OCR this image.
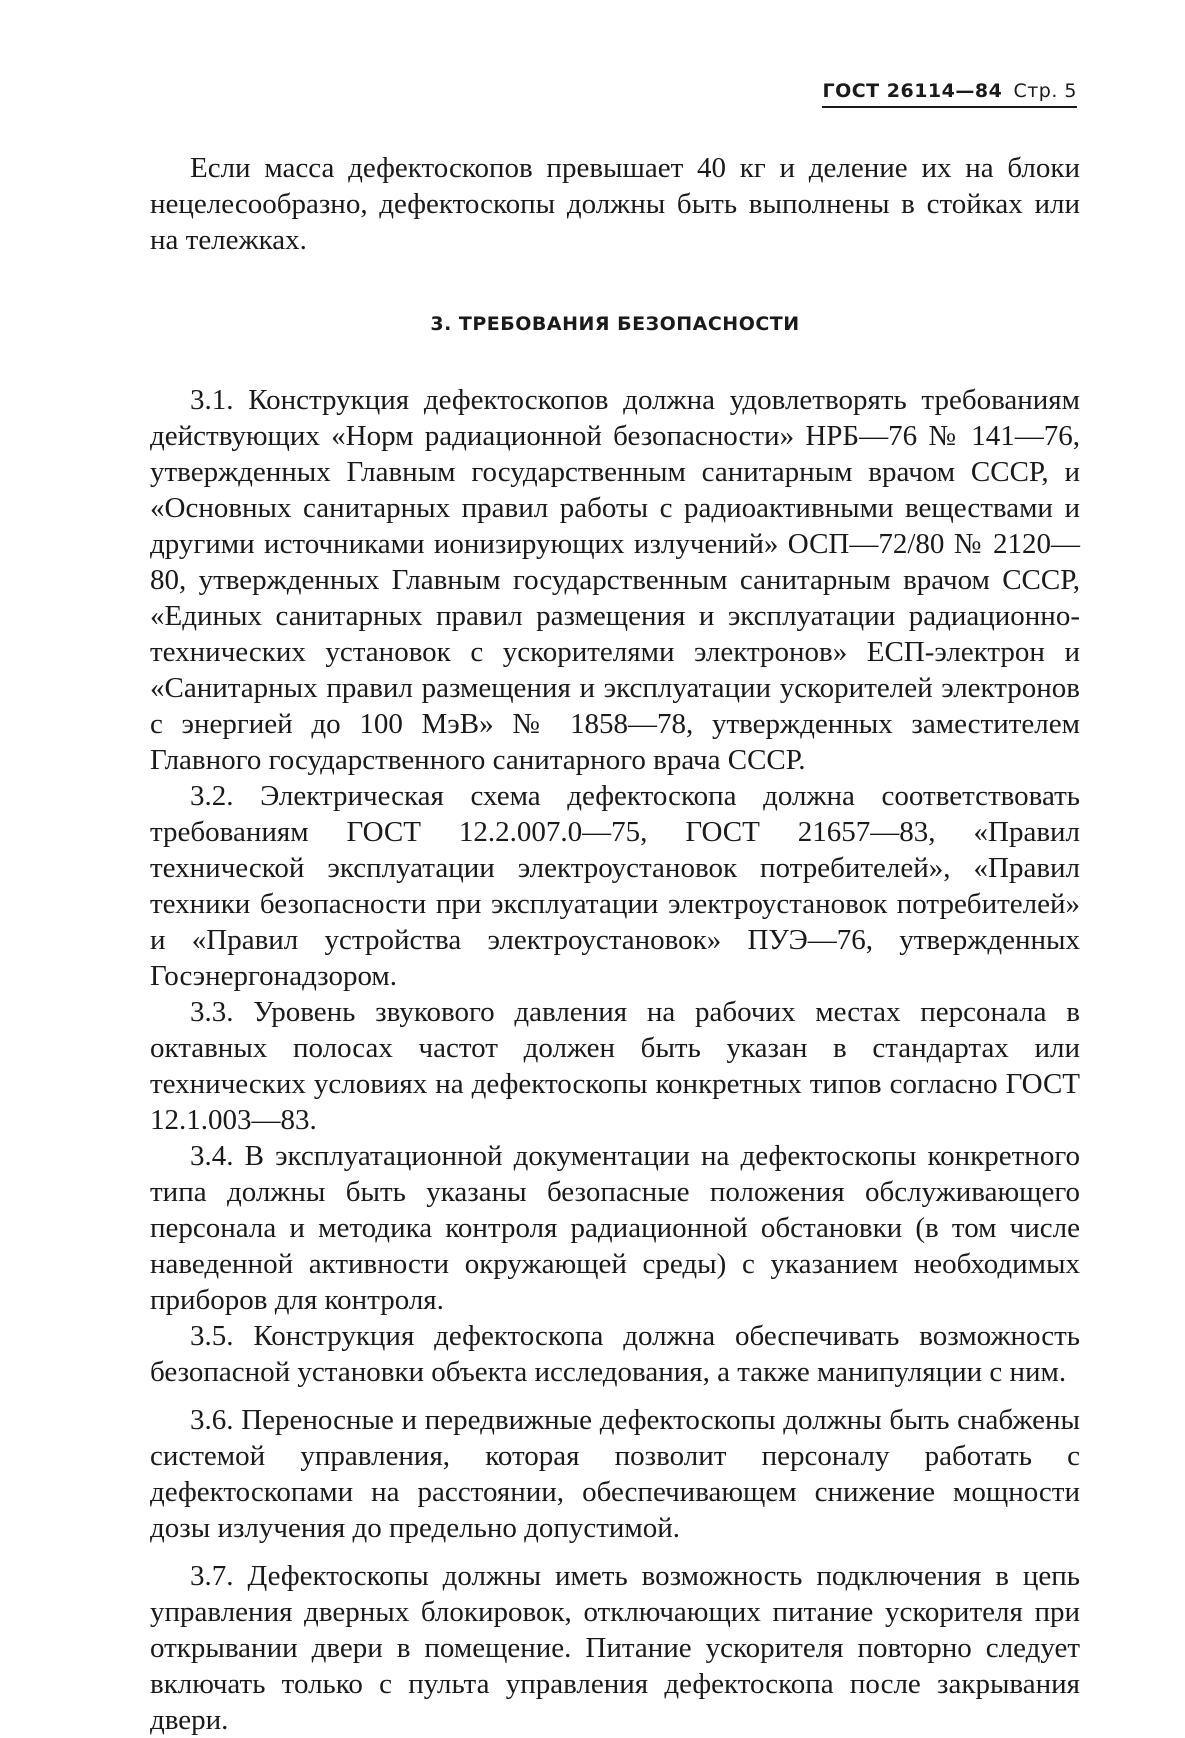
ГОСТ 26114—84 Стр. 5

Если масса дефектоскопов превышает 40 кг и деление их на блоки нецелесообразно, дефектоскопы должны быть выполнены в стойках или на тележках.

3. ТРЕБОВАНИЯ БЕЗОПАСНОСТИ

3.1. Конструкция дефектоскопов должна удовлетворять требованиям действующих «Норм радиационной безопасности» НРБ—76 № 141—76, утвержденных Главным государственным санитарным врачом СССР, и «Основных санитарных правил работы с радиоактивными веществами и другими источниками ионизирующих излучений» ОСП—72/80 № 2120—80, утвержденных Главным государственным санитарным врачом СССР, «Единых санитарных правил размещения и эксплуатации радиационно-технических установок с ускорителями электронов» ЕСП-электрон и «Санитарных правил размещения и эксплуатации ускорителей электронов с энергией до 100 МэВ» № 1858—78, утвержденных заместителем Главного государственного санитарного врача СССР.

3.2. Электрическая схема дефектоскопа должна соответствовать требованиям ГОСТ 12.2.007.0—75, ГОСТ 21657—83, «Правил технической эксплуатации электроустановок потребителей», «Правил техники безопасности при эксплуатации электроустановок потребителей» и «Правил устройства электроустановок» ПУЭ—76, утвержденных Госэнергонадзором.

3.3. Уровень звукового давления на рабочих местах персонала в октавных полосах частот должен быть указан в стандартах или технических условиях на дефектоскопы конкретных типов согласно ГОСТ 12.1.003—83.

3.4. В эксплуатационной документации на дефектоскопы конкретного типа должны быть указаны безопасные положения обслуживающего персонала и методика контроля радиационной обстановки (в том числе наведенной активности окружающей среды) с указанием необходимых приборов для контроля.

3.5. Конструкция дефектоскопа должна обеспечивать возможность безопасной установки объекта исследования, а также манипуляции с ним.

3.6. Переносные и передвижные дефектоскопы должны быть снабжены системой управления, которая позволит персоналу работать с дефектоскопами на расстоянии, обеспечивающем снижение мощности дозы излучения до предельно допустимой.

3.7. Дефектоскопы должны иметь возможность подключения в цепь управления дверных блокировок, отключающих питание ускорителя при открывании двери в помещение. Питание ускорителя повторно следует включать только с пульта управления дефектоскопа после закрывания двери.
